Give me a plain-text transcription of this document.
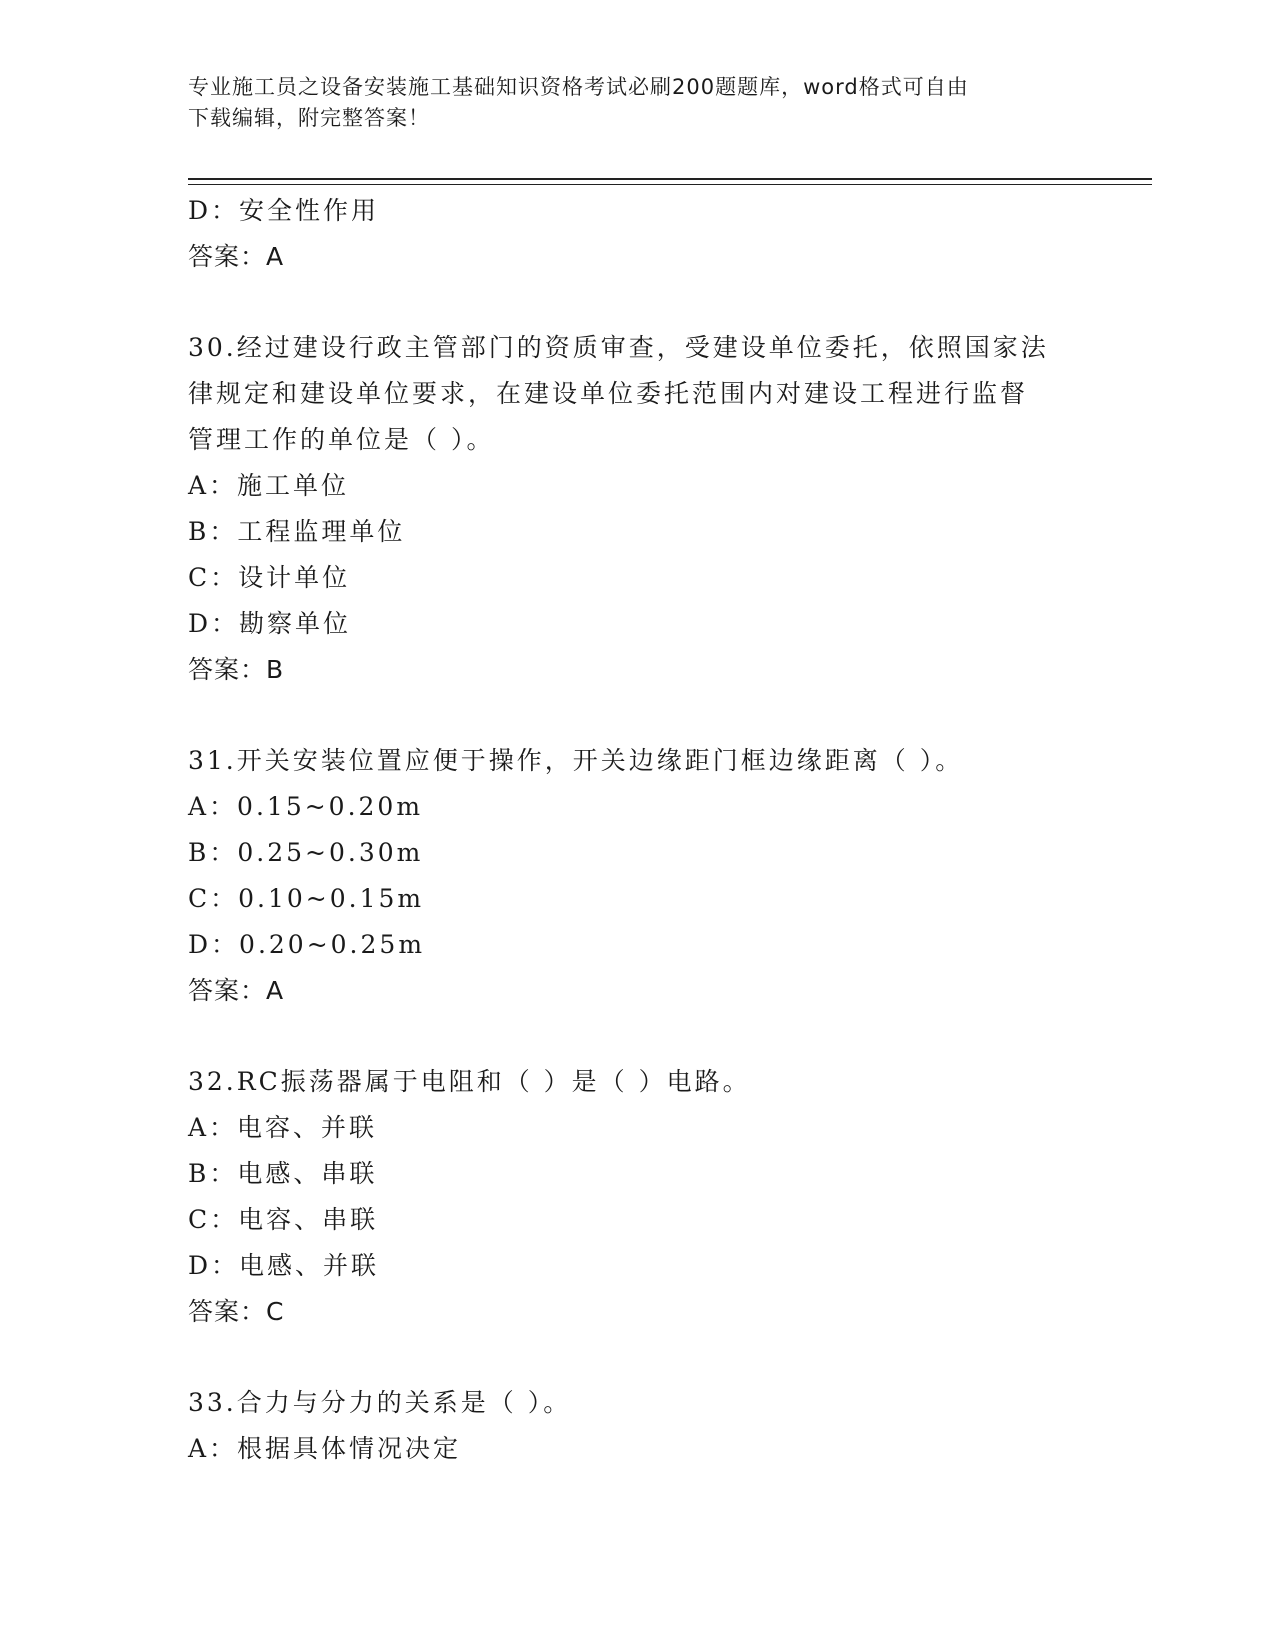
专业施工员之设备安装施工基础知识资格考试必刷200题题库，word格式可自由
下载编辑，附完整答案！
D：安全性作用
答案：A
30.经过建设行政主管部门的资质审查，受建设单位委托，依照国家法
律规定和建设单位要求，在建设单位委托范围内对建设工程进行监督
管理工作的单位是（ ）。
A：施工单位
B：工程监理单位
C：设计单位
D：勘察单位
答案：B
31.开关安装位置应便于操作，开关边缘距门框边缘距离（ ）。
A：0.15~0.20m
B：0.25~0.30m
C：0.10~0.15m
D：0.20~0.25m
答案：A
32.RC振荡器属于电阻和（ ）是（ ）电路。
A：电容、并联
B：电感、串联
C：电容、串联
D：电感、并联
答案：C
33.合力与分力的关系是（ ）。
A：根据具体情况决定
